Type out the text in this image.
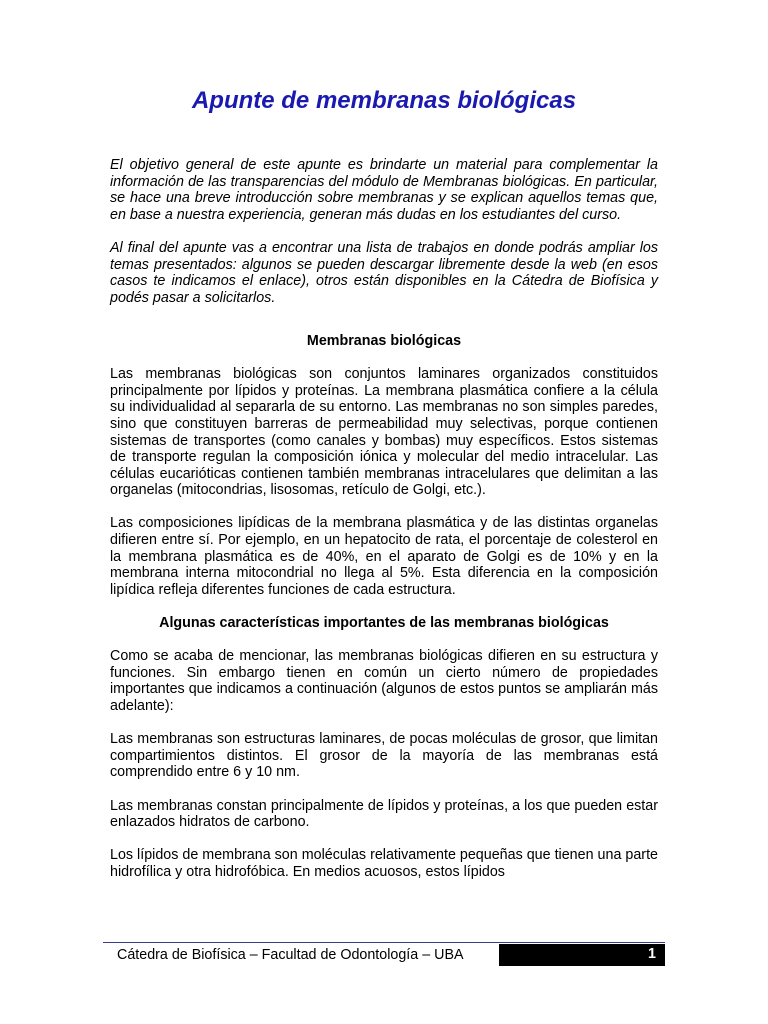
Apunte de membranas biológicas

El objetivo general de este apunte es brindarte un material para complementar la información de las transparencias del módulo de Membranas biológicas. En particular, se hace una breve introducción sobre membranas y se explican aquellos temas que, en base a nuestra experiencia, generan más dudas en los estudiantes del curso.

Al final del apunte vas a encontrar una lista de trabajos en donde podrás ampliar los temas presentados: algunos se pueden descargar libremente desde la web (en esos casos te indicamos el enlace), otros están disponibles en la Cátedra de Biofísica y podés pasar a solicitarlos.

Membranas biológicas

Las membranas biológicas son conjuntos laminares organizados constituidos principalmente por lípidos y proteínas. La membrana plasmática confiere a la célula su individualidad al separarla de su entorno. Las membranas no son simples paredes, sino que constituyen barreras de permeabilidad muy selectivas, porque contienen sistemas de transportes (como canales y bombas) muy específicos. Estos sistemas de transporte regulan la composición iónica y molecular del medio intracelular. Las células eucarióticas contienen también membranas intracelulares que delimitan a las organelas (mitocondrias, lisosomas, retículo de Golgi, etc.).

Las composiciones lipídicas de la membrana plasmática y de las distintas organelas difieren entre sí. Por ejemplo, en un hepatocito de rata, el porcentaje de colesterol en la membrana plasmática es de 40%, en el aparato de Golgi es de 10% y en la membrana interna mitocondrial no llega al 5%. Esta diferencia en la composición lipídica refleja diferentes funciones de cada estructura.

Algunas características importantes de las membranas biológicas

Como se acaba de mencionar, las membranas biológicas difieren en su estructura y funciones. Sin embargo tienen en común un cierto número de propiedades importantes que indicamos a continuación (algunos de estos puntos se ampliarán más adelante):

Las membranas son estructuras laminares, de pocas moléculas de grosor, que limitan compartimientos distintos. El grosor de la mayoría de las membranas está comprendido entre 6 y 10 nm.

Las membranas constan principalmente de lípidos y proteínas, a los que pueden estar enlazados hidratos de carbono.

Los lípidos de membrana son moléculas relativamente pequeñas que tienen una parte hidrofílica y otra hidrofóbica. En medios acuosos, estos lípidos

Cátedra de Biofísica – Facultad de Odontología – UBA	1
